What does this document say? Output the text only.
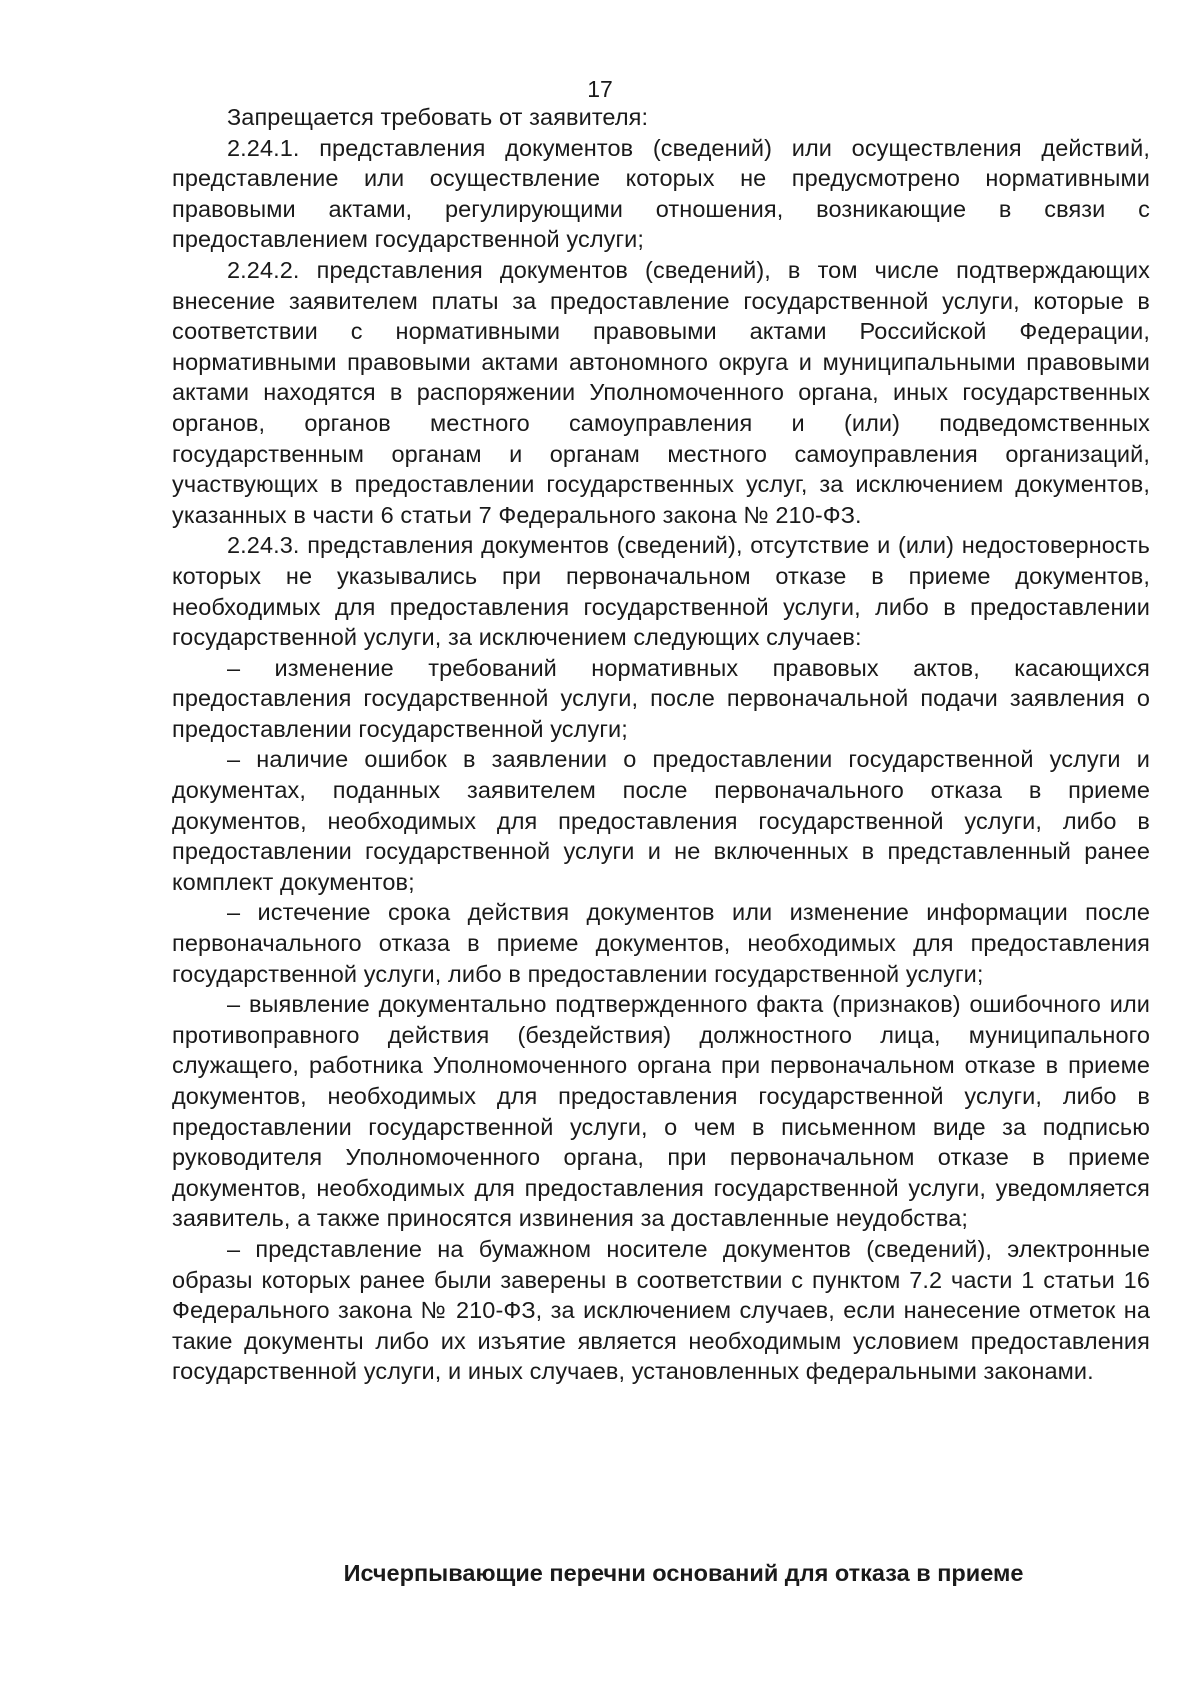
17

Запрещается требовать от заявителя:

2.24.1. представления документов (сведений) или осуществления действий, представление или осуществление которых не предусмотрено нормативными правовыми актами, регулирующими отношения, возникающие в связи с предоставлением государственной услуги;

2.24.2. представления документов (сведений), в том числе подтверждающих внесение заявителем платы за предоставление государственной услуги, которые в соответствии с нормативными правовыми актами Российской Федерации, нормативными правовыми актами автономного округа и муниципальными правовыми актами находятся в распоряжении Уполномоченного органа, иных государственных органов, органов местного самоуправления и (или) подведомственных государственным органам и органам местного самоуправления организаций, участвующих в предоставлении государственных услуг, за исключением документов, указанных в части 6 статьи 7 Федерального закона № 210-ФЗ.

2.24.3. представления документов (сведений), отсутствие и (или) недостоверность которых не указывались при первоначальном отказе в приеме документов, необходимых для предоставления государственной услуги, либо в предоставлении государственной услуги, за исключением следующих случаев:

– изменение требований нормативных правовых актов, касающихся предоставления государственной услуги, после первоначальной подачи заявления о предоставлении государственной услуги;

– наличие ошибок в заявлении о предоставлении государственной услуги и документах, поданных заявителем после первоначального отказа в приеме документов, необходимых для предоставления государственной услуги, либо в предоставлении государственной услуги и не включенных в представленный ранее комплект документов;

– истечение срока действия документов или изменение информации после первоначального отказа в приеме документов, необходимых для предоставления государственной услуги, либо в предоставлении государственной услуги;

– выявление документально подтвержденного факта (признаков) ошибочного или противоправного действия (бездействия) должностного лица, муниципального служащего, работника Уполномоченного органа при первоначальном отказе в приеме документов, необходимых для предоставления государственной услуги, либо в предоставлении государственной услуги, о чем в письменном виде за подписью руководителя Уполномоченного органа, при первоначальном отказе в приеме документов, необходимых для предоставления государственной услуги, уведомляется заявитель, а также приносятся извинения за доставленные неудобства;

– представление на бумажном носителе документов (сведений), электронные образы которых ранее были заверены в соответствии с пунктом 7.2 части 1 статьи 16 Федерального закона № 210-ФЗ, за исключением случаев, если нанесение отметок на такие документы либо их изъятие является необходимым условием предоставления государственной услуги, и иных случаев, установленных федеральными законами.

Исчерпывающие перечни оснований для отказа в приеме
